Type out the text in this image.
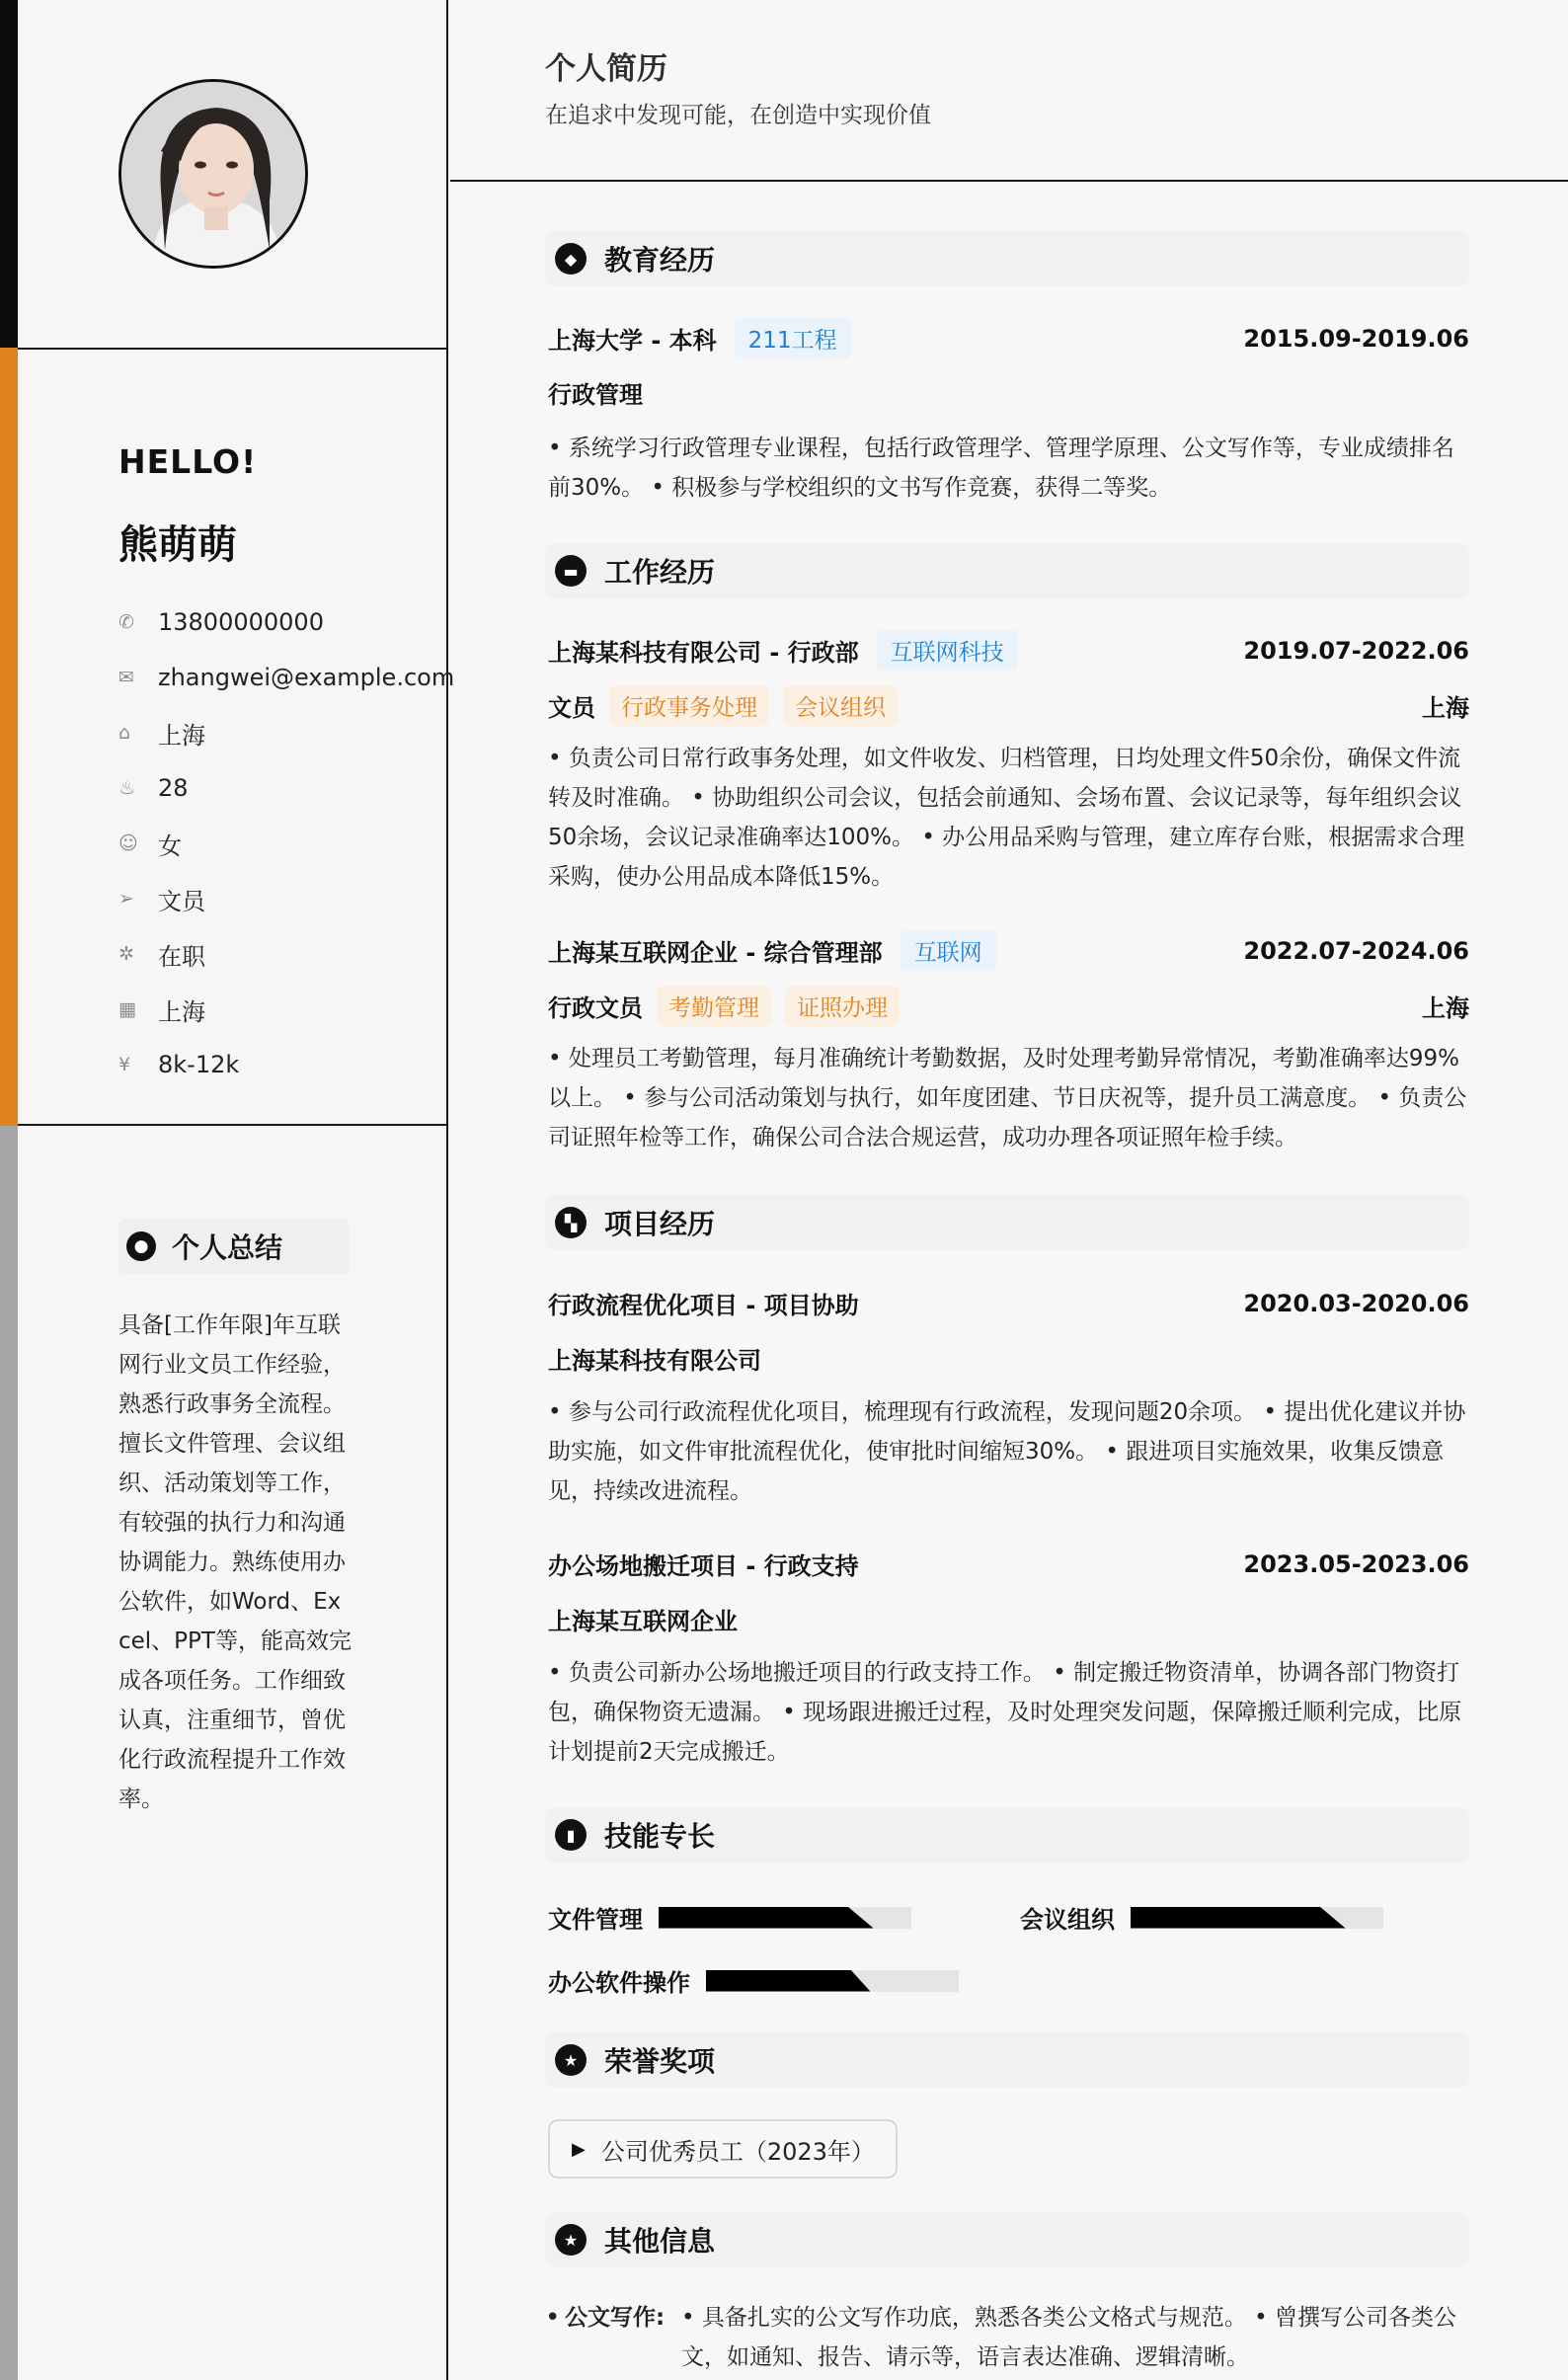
HELLO!
熊萌萌
✆	13800000000
✉	zhangwei@example.com
⌂	上海
♨ 28
☺ 女
➢	文员
✲	在职
▦ 上海
¥	8k-12k
● 个人总结
具备[工作年限]年互联网行业文员工作经验，熟悉行政事务全流程。擅长文件管理、会议组织、活动策划等工作，有较强的执行力和沟通协调能力。熟练使用办公软件，如Word、Excel、PPT等，能高效完成各项任务。工作细致认真，注重细节，曾优化行政流程提升工作效率。
个人简历
在追求中发现可能，在创造中实现价值
◆ 教育经历
上海大学 - 本科	211工程	2015.09-2019.06
行政管理
• 系统学习行政管理专业课程，包括行政管理学、管理学原理、公文写作等，专业成绩排名前30%。 • 积极参与学校组织的文书写作竞赛，获得二等奖。
▬ 工作经历
上海某科技有限公司 - 行政部	互联网科技	2019.07-2022.06
文员	行政事务处理	会议组织	上海
• 负责公司日常行政事务处理，如文件收发、归档管理，日均处理文件50余份，确保文件流转及时准确。 • 协助组织公司会议，包括会前通知、会场布置、会议记录等，每年组织会议50余场，会议记录准确率达100%。 • 办公用品采购与管理，建立库存台账，根据需求合理采购，使办公用品成本降低15%。
上海某互联网企业 - 综合管理部	互联网	2022.07-2024.06
行政文员	考勤管理	证照办理	上海
• 处理员工考勤管理，每月准确统计考勤数据，及时处理考勤异常情况，考勤准确率达99%以上。 • 参与公司活动策划与执行，如年度团建、节日庆祝等，提升员工满意度。 • 负责公司证照年检等工作，确保公司合法合规运营，成功办理各项证照年检手续。
▚ 项目经历
行政流程优化项目 - 项目协助	2020.03-2020.06
上海某科技有限公司
• 参与公司行政流程优化项目，梳理现有行政流程，发现问题20余项。 • 提出优化建议并协助实施，如文件审批流程优化，使审批时间缩短30%。 • 跟进项目实施效果，收集反馈意见，持续改进流程。
办公场地搬迁项目 - 行政支持	2023.05-2023.06
上海某互联网企业
• 负责公司新办公场地搬迁项目的行政支持工作。 • 制定搬迁物资清单，协调各部门物资打包，确保物资无遗漏。 • 现场跟进搬迁过程，及时处理突发问题，保障搬迁顺利完成，比原计划提前2天完成搬迁。
▮	技能专长
文件管理	会议组织
办公软件操作
★ 荣誉奖项
▶ 公司优秀员工（2023年）
★ 其他信息
• 公文写作: • 具备扎实的公文写作功底，熟悉各类公文格式与规范。 • 曾撰写公司各类公文，如通知、报告、请示等，语言表达准确、逻辑清晰。
